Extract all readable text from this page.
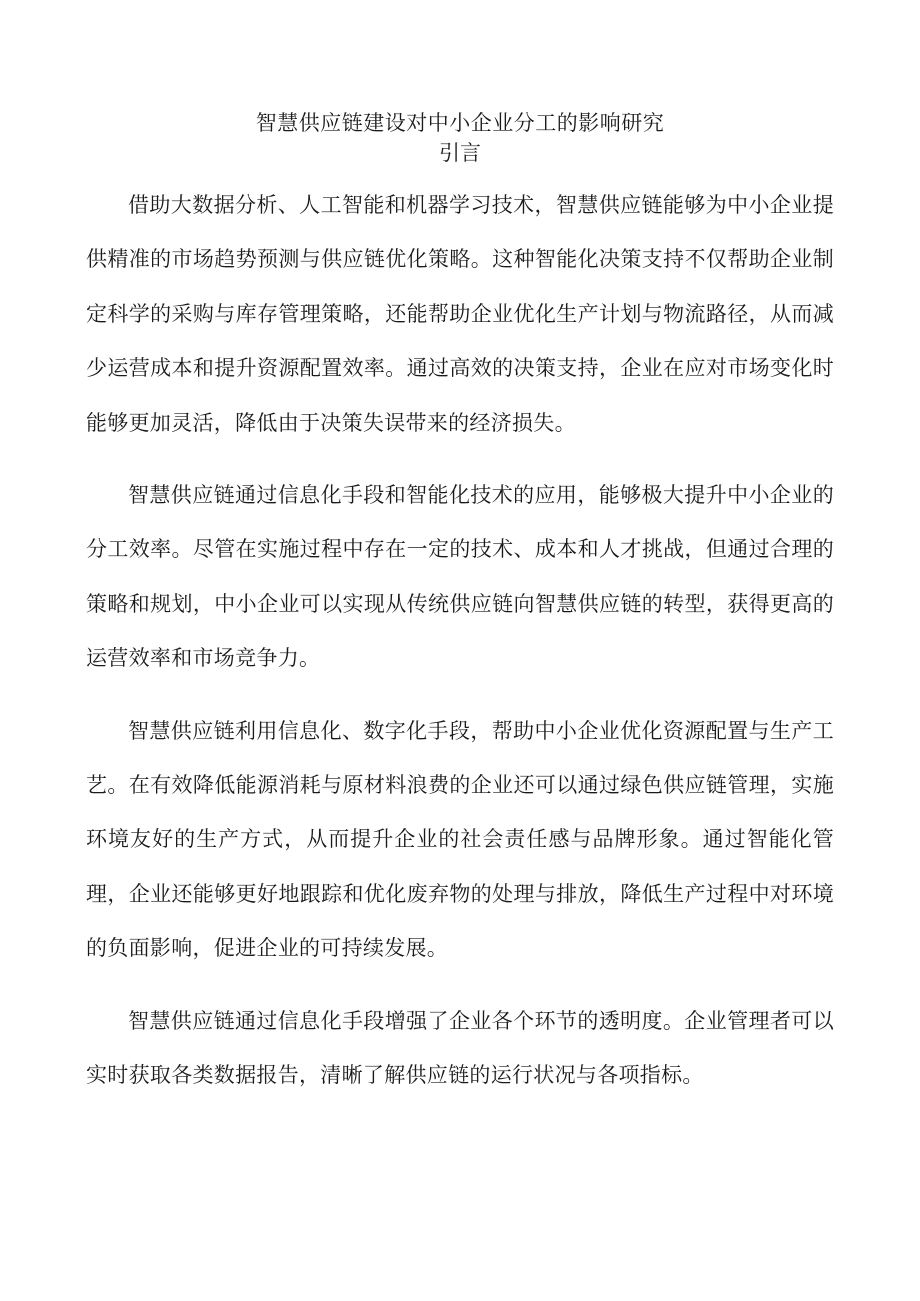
智慧供应链建设对中小企业分工的影响研究
引言

借助大数据分析、人工智能和机器学习技术，智慧供应链能够为中小企业提供精准的市场趋势预测与供应链优化策略。这种智能化决策支持不仅帮助企业制定科学的采购与库存管理策略，还能帮助企业优化生产计划与物流路径，从而减少运营成本和提升资源配置效率。通过高效的决策支持，企业在应对市场变化时能够更加灵活，降低由于决策失误带来的经济损失。

智慧供应链通过信息化手段和智能化技术的应用，能够极大提升中小企业的分工效率。尽管在实施过程中存在一定的技术、成本和人才挑战，但通过合理的策略和规划，中小企业可以实现从传统供应链向智慧供应链的转型，获得更高的运营效率和市场竞争力。

智慧供应链利用信息化、数字化手段，帮助中小企业优化资源配置与生产工艺。在有效降低能源消耗与原材料浪费的企业还可以通过绿色供应链管理，实施环境友好的生产方式，从而提升企业的社会责任感与品牌形象。通过智能化管理，企业还能够更好地跟踪和优化废弃物的处理与排放，降低生产过程中对环境的负面影响，促进企业的可持续发展。

智慧供应链通过信息化手段增强了企业各个环节的透明度。企业管理者可以实时获取各类数据报告，清晰了解供应链的运行状况与各项指标。
